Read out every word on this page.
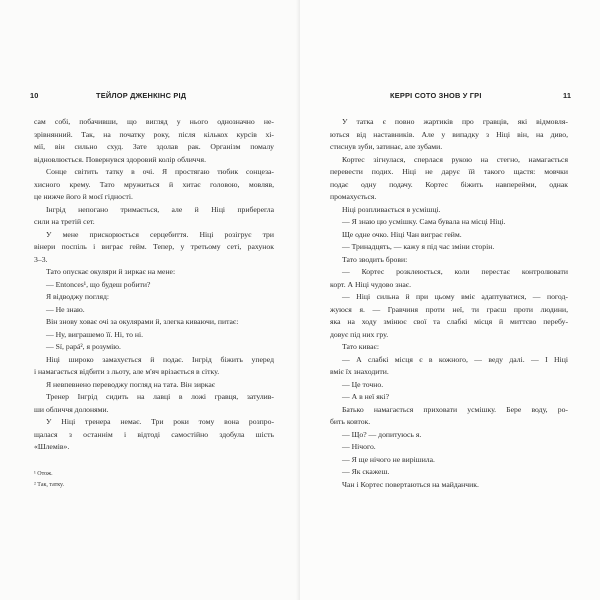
10	ТЕЙЛОР ДЖЕНКІНС РІД
сам собі, побачивши, що вигляд у нього однозначно не-
зрівнянний. Так, на початку року, після кількох курсів хі-
мії, він сильно схуд. Зате здолав рак. Організм помалу
відновлюється. Повернувся здоровий колір обличчя.
Сонце світить татку в очі. Я простягаю тюбик сонцеза-
хисного крему. Тато мружиться й хитає головою, мовляв,
це нижче його й моєї гідності.
Інгрід непогано тримається, але й Ніці прибереглa
сили на третій сет.
У мене прискорюється серцебиття. Ніці розігрує три
вінери поспіль і виграє гейм. Тепер, у третьому сеті, рахунок
3–3.
Тато опускає окуляри й зиркає на мене:
— Entonces¹, що будеш робити?
Я відводжу погляд:
— Не знаю.
Він знову ховає очі за окулярами й, злегка киваючи, питає:
— Ну, виграшемо її. Ні, то ні.
— Sí, papá², я розумію.
Ніці широко замахується й подає. Інгрід біжить уперед
і намагається відбити з льоту, але м'яч врізається в сітку.
Я невпевнено переводжу погляд на тата. Він зиркає
Тренер Інгрід сидить на лавці в ложі гравця, затулив-
ши обличчя долонями.
У Ніці тренера немає. Три роки тому вона розпро-
щалася з останнім і відтоді самостійно здобула шість
«Шлемів».
¹ Отож.
² Так, татку.
КЕРРІ СОТО ЗНОВ У ГРІ	11
У татка є повно жартиків про гравців, які відмовля-
ються від наставників. Але у випадку з Ніці він, на диво,
стиснув зуби, затинає, але зубами.
Кортес зігнулася, сперлася рукою на стегно, намагається
перевести подих. Ніці не дарує їй такого щастя: мовчки
подає одну подачу. Кортес біжить навперейми, однак
промахується.
Ніці розпливається в усмішці.
— Я знаю цю усмішку. Сама бувала на місці Ніці.
Ще одне очко. Ніці Чан виграє гейм.
— Тринадцять, — кажу я під час зміни сторін.
Тато зводить брови:
— Кортес розклеюється, коли перестає контролювати
корт. А Ніці чудово знає.
— Ніці сильна й при цьому вміє адаптуватися, — погод-
жуюся я. — Гравчиня проти неї, ти граєш проти людини,
яка на ходу змінює свої та слабкі місця й миттєво перебу-
довує під них гру.
Тато киває:
— А слабкі місця є в кожного, — веду далі. — І Ніці
вміє їх знаходити.
— Це точно.
— А в неї які?
Батько намагається приховати усмішку. Бере воду, ро-
бить ковток.
— Що? — допитуюсь я.
— Нічого.
— Я ще нічого не вирішила.
— Як скажеш.
Чан і Кортес повертаються на майданчик.
